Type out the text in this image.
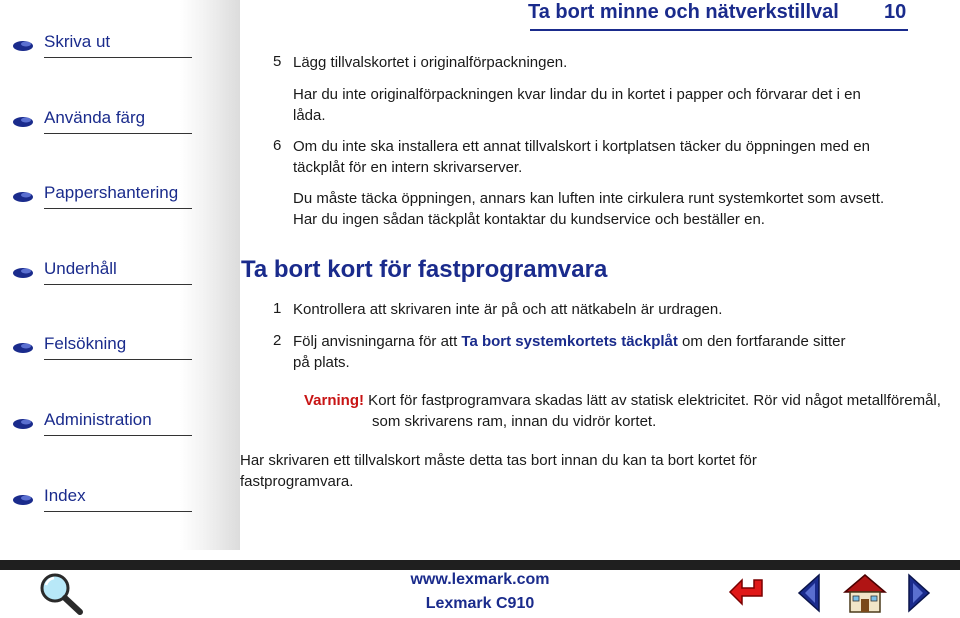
Skriva ut
Använda färg
Pappershantering
Underhåll
Felsökning
Administration
Index
Ta bort minne och nätverkstillval 10
5 Lägg tillvalskortet i originalförpackningen.
Har du inte originalförpackningen kvar lindar du in kortet i papper och förvarar det i en låda.
6 Om du inte ska installera ett annat tillvalskort i kortplatsen täcker du öppningen med en täckplåt för en intern skrivarserver.
Du måste täcka öppningen, annars kan luften inte cirkulera runt systemkortet som avsett. Har du ingen sådan täckplåt kontaktar du kundservice och beställer en.
Ta bort kort för fastprogramvara
1 Kontrollera att skrivaren inte är på och att nätkabeln är urdragen.
2 Följ anvisningarna för att Ta bort systemkortets täckplåt om den fortfarande sitter på plats.
Varning! Kort för fastprogramvara skadas lätt av statisk elektricitet. Rör vid något metallföremål, som skrivarens ram, innan du vidrör kortet.
Har skrivaren ett tillvalskort måste detta tas bort innan du kan ta bort kortet för fastprogramvara.
www.lexmark.com
Lexmark C910
